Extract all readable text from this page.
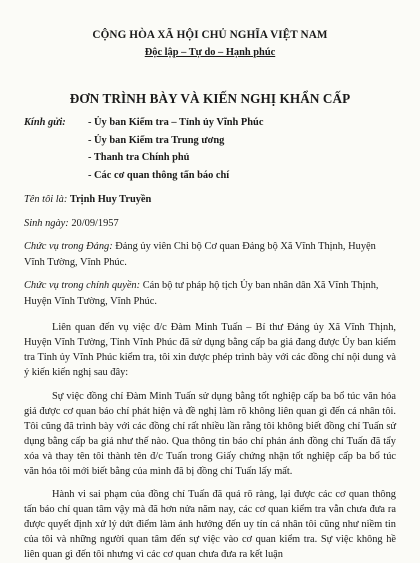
CỘNG HÒA XÃ HỘI CHỦ NGHĨA VIỆT NAM
Độc lập – Tự do – Hạnh phúc
ĐƠN TRÌNH BÀY VÀ KIẾN NGHỊ KHẨN CẤP
Kính gửi:	- Ủy ban Kiểm tra – Tỉnh ủy Vĩnh Phúc
- Ủy ban Kiểm tra Trung ương
- Thanh tra Chính phủ
- Các cơ quan thông tấn báo chí
Tên tôi là: Trịnh Huy Truyền
Sinh ngày: 20/09/1957
Chức vụ trong Đảng: Đảng ủy viên Chi bộ Cơ quan Đảng bộ Xã Vĩnh Thịnh, Huyện Vĩnh Tường, Vĩnh Phúc.
Chức vụ trong chính quyền: Cán bộ tư pháp hộ tịch Ủy ban nhân dân Xã Vĩnh Thịnh, Huyện Vĩnh Tường, Vĩnh Phúc.
Liên quan đến vụ việc đ/c Đàm Minh Tuấn – Bí thư Đảng ủy Xã Vĩnh Thịnh, Huyện Vĩnh Tường, Tỉnh Vĩnh Phúc đã sử dụng bằng cấp ba giả đang được Ủy ban kiểm tra Tỉnh ủy Vĩnh Phúc kiểm tra, tôi xin được phép trình bày với các đồng chí nội dung và ý kiến kiến nghị sau đây:
Sự việc đồng chí Đàm Minh Tuấn sử dụng bằng tốt nghiệp cấp ba bổ túc văn hóa giả được cơ quan báo chí phát hiện và đề nghị làm rõ không liên quan gì đến cá nhân tôi. Tôi cũng đã trình bày với các đồng chí rất nhiều lần rằng tôi không biết đồng chí Tuấn sử dụng bằng cấp ba giả như thế nào. Qua thông tin báo chí phản ánh đồng chí Tuấn đã tẩy xóa và thay tên tôi thành tên đ/c Tuấn trong Giấy chứng nhận tốt nghiệp cấp ba bổ túc văn hóa tôi mới biết bằng của mình đã bị đồng chí Tuấn lấy mất.
Hành vi sai phạm của đồng chí Tuấn đã quá rõ ràng, lại được các cơ quan thông tấn báo chí quan tâm vậy mà đã hơn nửa năm nay, các cơ quan kiểm tra vẫn chưa đưa ra được quyết định xử lý dứt điểm làm ảnh hưởng đến uy tín cá nhân tôi cũng như niềm tin của tôi và những người quan tâm đến sự việc vào cơ quan kiểm tra. Sự việc không hề liên quan gì đến tôi nhưng vì các cơ quan chưa đưa ra kết luận
